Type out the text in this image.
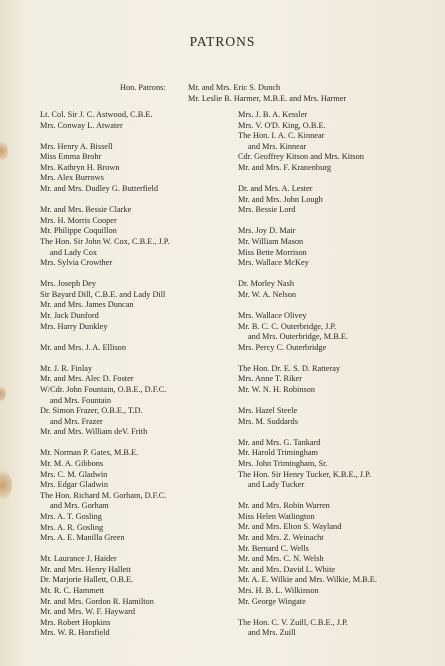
PATRONS
Hon. Patrons:	Mr. and Mrs. Eric S. Dunch
Mr. Leslie B. Harmer, M.B.E. and Mrs. Harmer
Lt. Col. Sir J. C. Astwood, C.B.E.
Mrs. Conway L. Atwater
Mrs. Henry A. Bissell
Miss Emma Brohr
Mrs. Kathryn H. Brown
Mrs. Alex Burrows
Mr. and Mrs. Dudley G. Butterfield
Mr. and Mrs. Bessie Clarke
Mrs. H. Morris Cooper
Mr. Philippe Coquillon
The Hon. Sir John W. Cox, C.B.E., J.P.
and Lady Cox
Mrs. Sylvia Crowther
Mrs. Joseph Dey
Sir Bayard Dill, C.B.E. and Lady Dill
Mr. and Mrs. James Duncan
Mr. Jack Dunford
Mrs. Harry Dunkley
Mr. and Mrs. J. A. Ellison
Mr. J. R. Finlay
Mr. and Mrs. Alec D. Foster
W/Cdr. John Fountain, O.B.E., D.F.C.
and Mrs. Fountain
Dr. Simon Frazer, O.B.E., T.D.
and Mrs. Frazer
Mr. and Mrs. William deV. Frith
Mr. Norman P. Gates, M.B.E.
Mr. M. A. Gibbons
Mrs. C. M. Gladwin
Mrs. Edgar Gladwin
The Hon. Richard M. Gorham, D.F.C.
and Mrs. Gorham
Mrs. A. T. Gosling
Mrs. A. R. Gosling
Mrs. A. E. Manilla Green
Mr. Laurance J. Haider
Mr. and Mrs. Henry Hallett
Dr. Marjorie Hallett, O.B.E.
Mr. R. C. Hammett
Mr. and Mrs. Gordon R. Hamilton
Mr. and Mrs. W. F. Hayward
Mrs. Robert Hopkins
Mrs. W. R. Horsfield
Mrs. J. B. A. Kessler
Mrs. V. O'D. King, O.B.E.
The Hon. I. A. C. Kinnear
and Mrs. Kinnear
Cdr. Geoffrey Kitson and Mrs. Kitson
Mr. and Mrs. F. Kranenburg
Dr. and Mrs. A. Lester
Mr. and Mrs. John Lough
Mrs. Bessie Lord
Mrs. Joy D. Mair
Mr. William Mason
Miss Bette Morrison
Mrs. Wallace McKey
Dr. Morley Nash
Mr. W. A. Nelson
Mrs. Wallace Olivey
Mr. B. C. C. Outerbridge, J.P.
and Mrs. Outerbridge, M.B.E.
Mrs. Percy C. Outerbridge
The Hon. Dr. E. S. D. Ratteray
Mrs. Anne T. Riker
Mr. W. N. H. Robinson
Mrs. Hazel Steele
Mrs. M. Suddards
Mr. and Mrs. G. Tankard
Mr. Harold Trimingham
Mrs. John Trimingham, Sr.
The Hon. Sir Henry Tucker, K.B.E., J.P.
and Lady Tucker
Mr. and Mrs. Robin Warren
Miss Helen Watlington
Mr. and Mrs. Elton S. Wayland
Mr. and Mrs. Z. Weinacht
Mr. Bernard C. Wells
Mr. and Mrs. C. N. Welsh
Mr. and Mrs. David L. White
Mr. A. E. Wilkie and Mrs. Wilkie, M.B.E.
Mrs. H. B. L. Wilkinson
Mr. George Wingate
The Hon. C. V. Zuill, C.B.E., J.P.
and Mrs. Zuill
